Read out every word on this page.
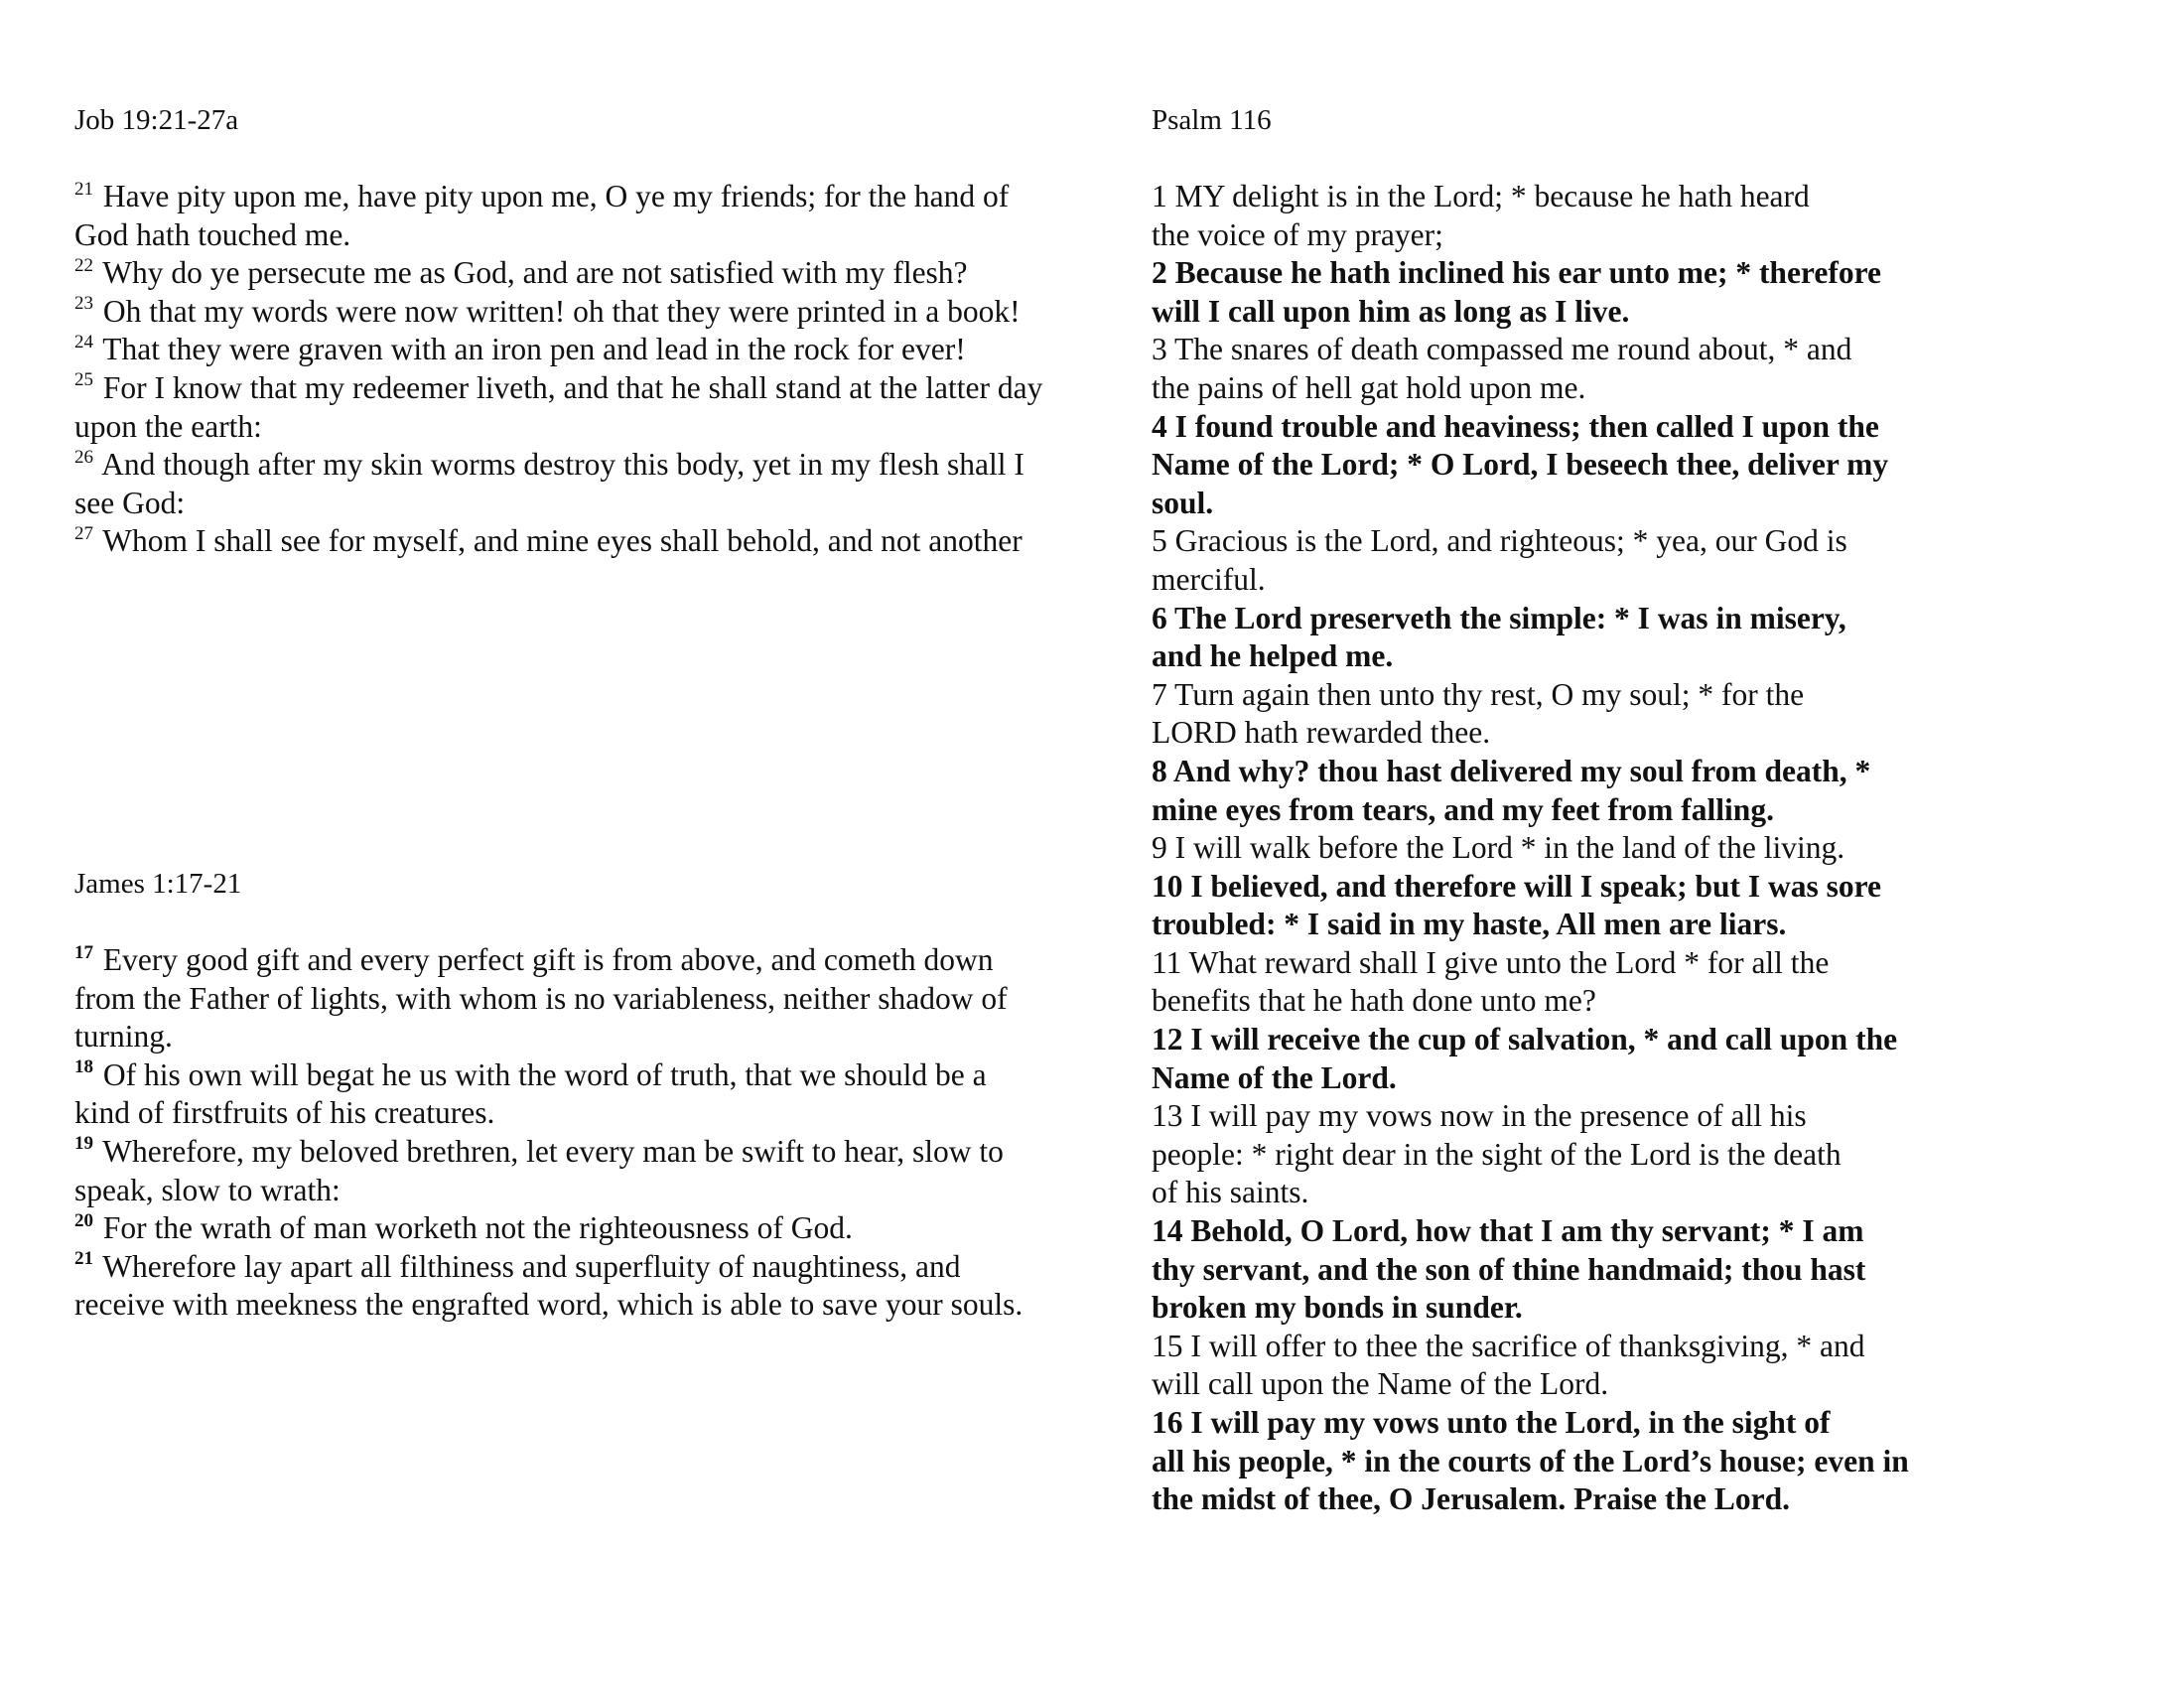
Job 19:21-27a

$^{21}$ Have pity upon me, have pity upon me, O ye my friends; for the hand of God hath touched me.

$^{22}$ Why do ye persecute me as God, and are not satisfied with my flesh?

$^{23}$ Oh that my words were now written! oh that they were printed in a book!

$^{24}$ That they were graven with an iron pen and lead in the rock for ever!

$^{25}$ For I know that my redeemer liveth, and that he shall stand at the latter day upon the earth:

$^{26}$ And though after my skin worms destroy this body, yet in my flesh shall I see God:

$^{27}$ Whom I shall see for myself, and mine eyes shall behold, and not another

James 1:17-21

$^{17}$ Every good gift and every perfect gift is from above, and cometh down from the Father of lights, with whom is no variableness, neither shadow of turning.

$^{18}$ Of his own will begat he us with the word of truth, that we should be a kind of firstfruits of his creatures.

$^{19}$ Wherefore, my beloved brethren, let every man be swift to hear, slow to speak, slow to wrath:

$^{20}$ For the wrath of man worketh not the righteousness of God.

$^{21}$ Wherefore lay apart all filthiness and superfluity of naughtiness, and receive with meekness the engrafted word, which is able to save your souls.

Psalm 116

1 MY delight is in the Lord; * because he hath heard
the voice of my prayer;

2 Because he hath inclined his ear unto me; * therefore
will I call upon him as long as I live.

3 The snares of death compassed me round about, * and
the pains of hell gat hold upon me.

4 I found trouble and heaviness; then called I upon the
Name of the Lord; * O Lord, I beseech thee, deliver my
soul.

5 Gracious is the Lord, and righteous; * yea, our God is
merciful.

6 The Lord preserveth the simple: * I was in misery,
and he helped me.

7 Turn again then unto thy rest, O my soul; * for the
LORD hath rewarded thee.

8 And why? thou hast delivered my soul from death, *
mine eyes from tears, and my feet from falling.

9 I will walk before the Lord * in the land of the living.

10 I believed, and therefore will I speak; but I was sore
troubled: * I said in my haste, All men are liars.

11 What reward shall I give unto the Lord * for all the
benefits that he hath done unto me?

12 I will receive the cup of salvation, * and call upon the
Name of the Lord.

13 I will pay my vows now in the presence of all his
people: * right dear in the sight of the Lord is the death
of his saints.

14 Behold, O Lord, how that I am thy servant; * I am
thy servant, and the son of thine handmaid; thou hast
broken my bonds in sunder.

15 I will offer to thee the sacrifice of thanksgiving, * and
will call upon the Name of the Lord.

16 I will pay my vows unto the Lord, in the sight of
all his people, * in the courts of the Lord’s house; even in
the midst of thee, O Jerusalem. Praise the Lord.
